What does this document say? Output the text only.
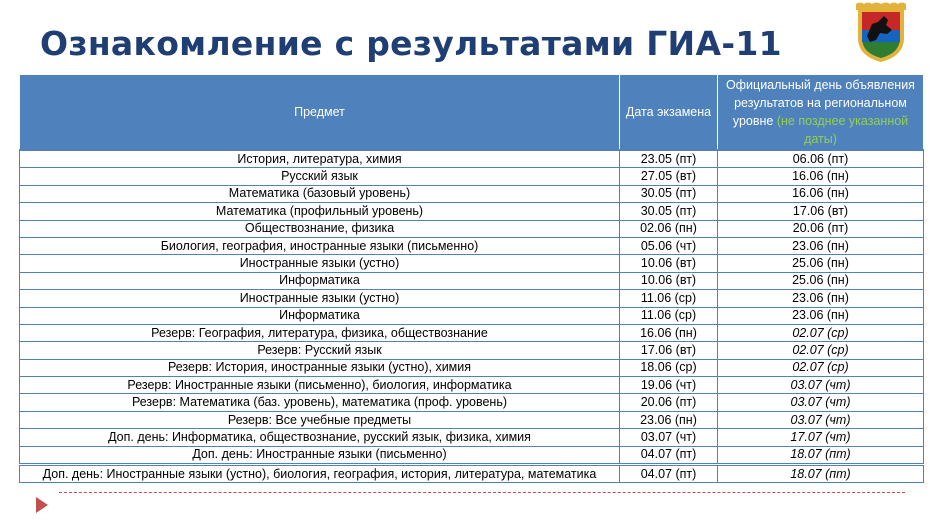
Ознакомление с результатами ГИА-11
Предмет	Дата экзамена	Официальный день объявления результатов на региональном уровне (не позднее указанной даты)
История, литература, химия	23.05 (пт)	06.06 (пт)
Русский язык	27.05 (вт)	16.06 (пн)
Математика (базовый уровень)	30.05 (пт)	16.06 (пн)
Математика (профильный уровень)	30.05 (пт)	17.06 (вт)
Обществознание, физика	02.06 (пн)	20.06 (пт)
Биология, география, иностранные языки (письменно)	05.06 (чт)	23.06 (пн)
Иностранные языки (устно)	10.06 (вт)	25.06 (пн)
Информатика	10.06 (вт)	25.06 (пн)
Иностранные языки (устно)	11.06 (ср)	23.06 (пн)
Информатика	11.06 (ср)	23.06 (пн)
Резерв: География, литература, физика, обществознание	16.06 (пн)	02.07 (ср)
Резерв: Русский язык	17.06 (вт)	02.07 (ср)
Резерв: История, иностранные языки (устно), химия	18.06 (ср)	02.07 (ср)
Резерв: Иностранные языки (письменно), биология, информатика	19.06 (чт)	03.07 (чт)
Резерв: Математика (баз. уровень), математика (проф. уровень)	20.06 (пт)	03.07 (чт)
Резерв: Все учебные предметы	23.06 (пн)	03.07 (чт)
Доп. день: Информатика, обществознание, русский язык, физика, химия	03.07 (чт)	17.07 (чт)
Доп. день: Иностранные языки (письменно)	04.07 (пт)	18.07 (пт)
Доп. день: Иностранные языки (устно), биология, география, история, литература, математика	04.07 (пт)	18.07 (пт)
